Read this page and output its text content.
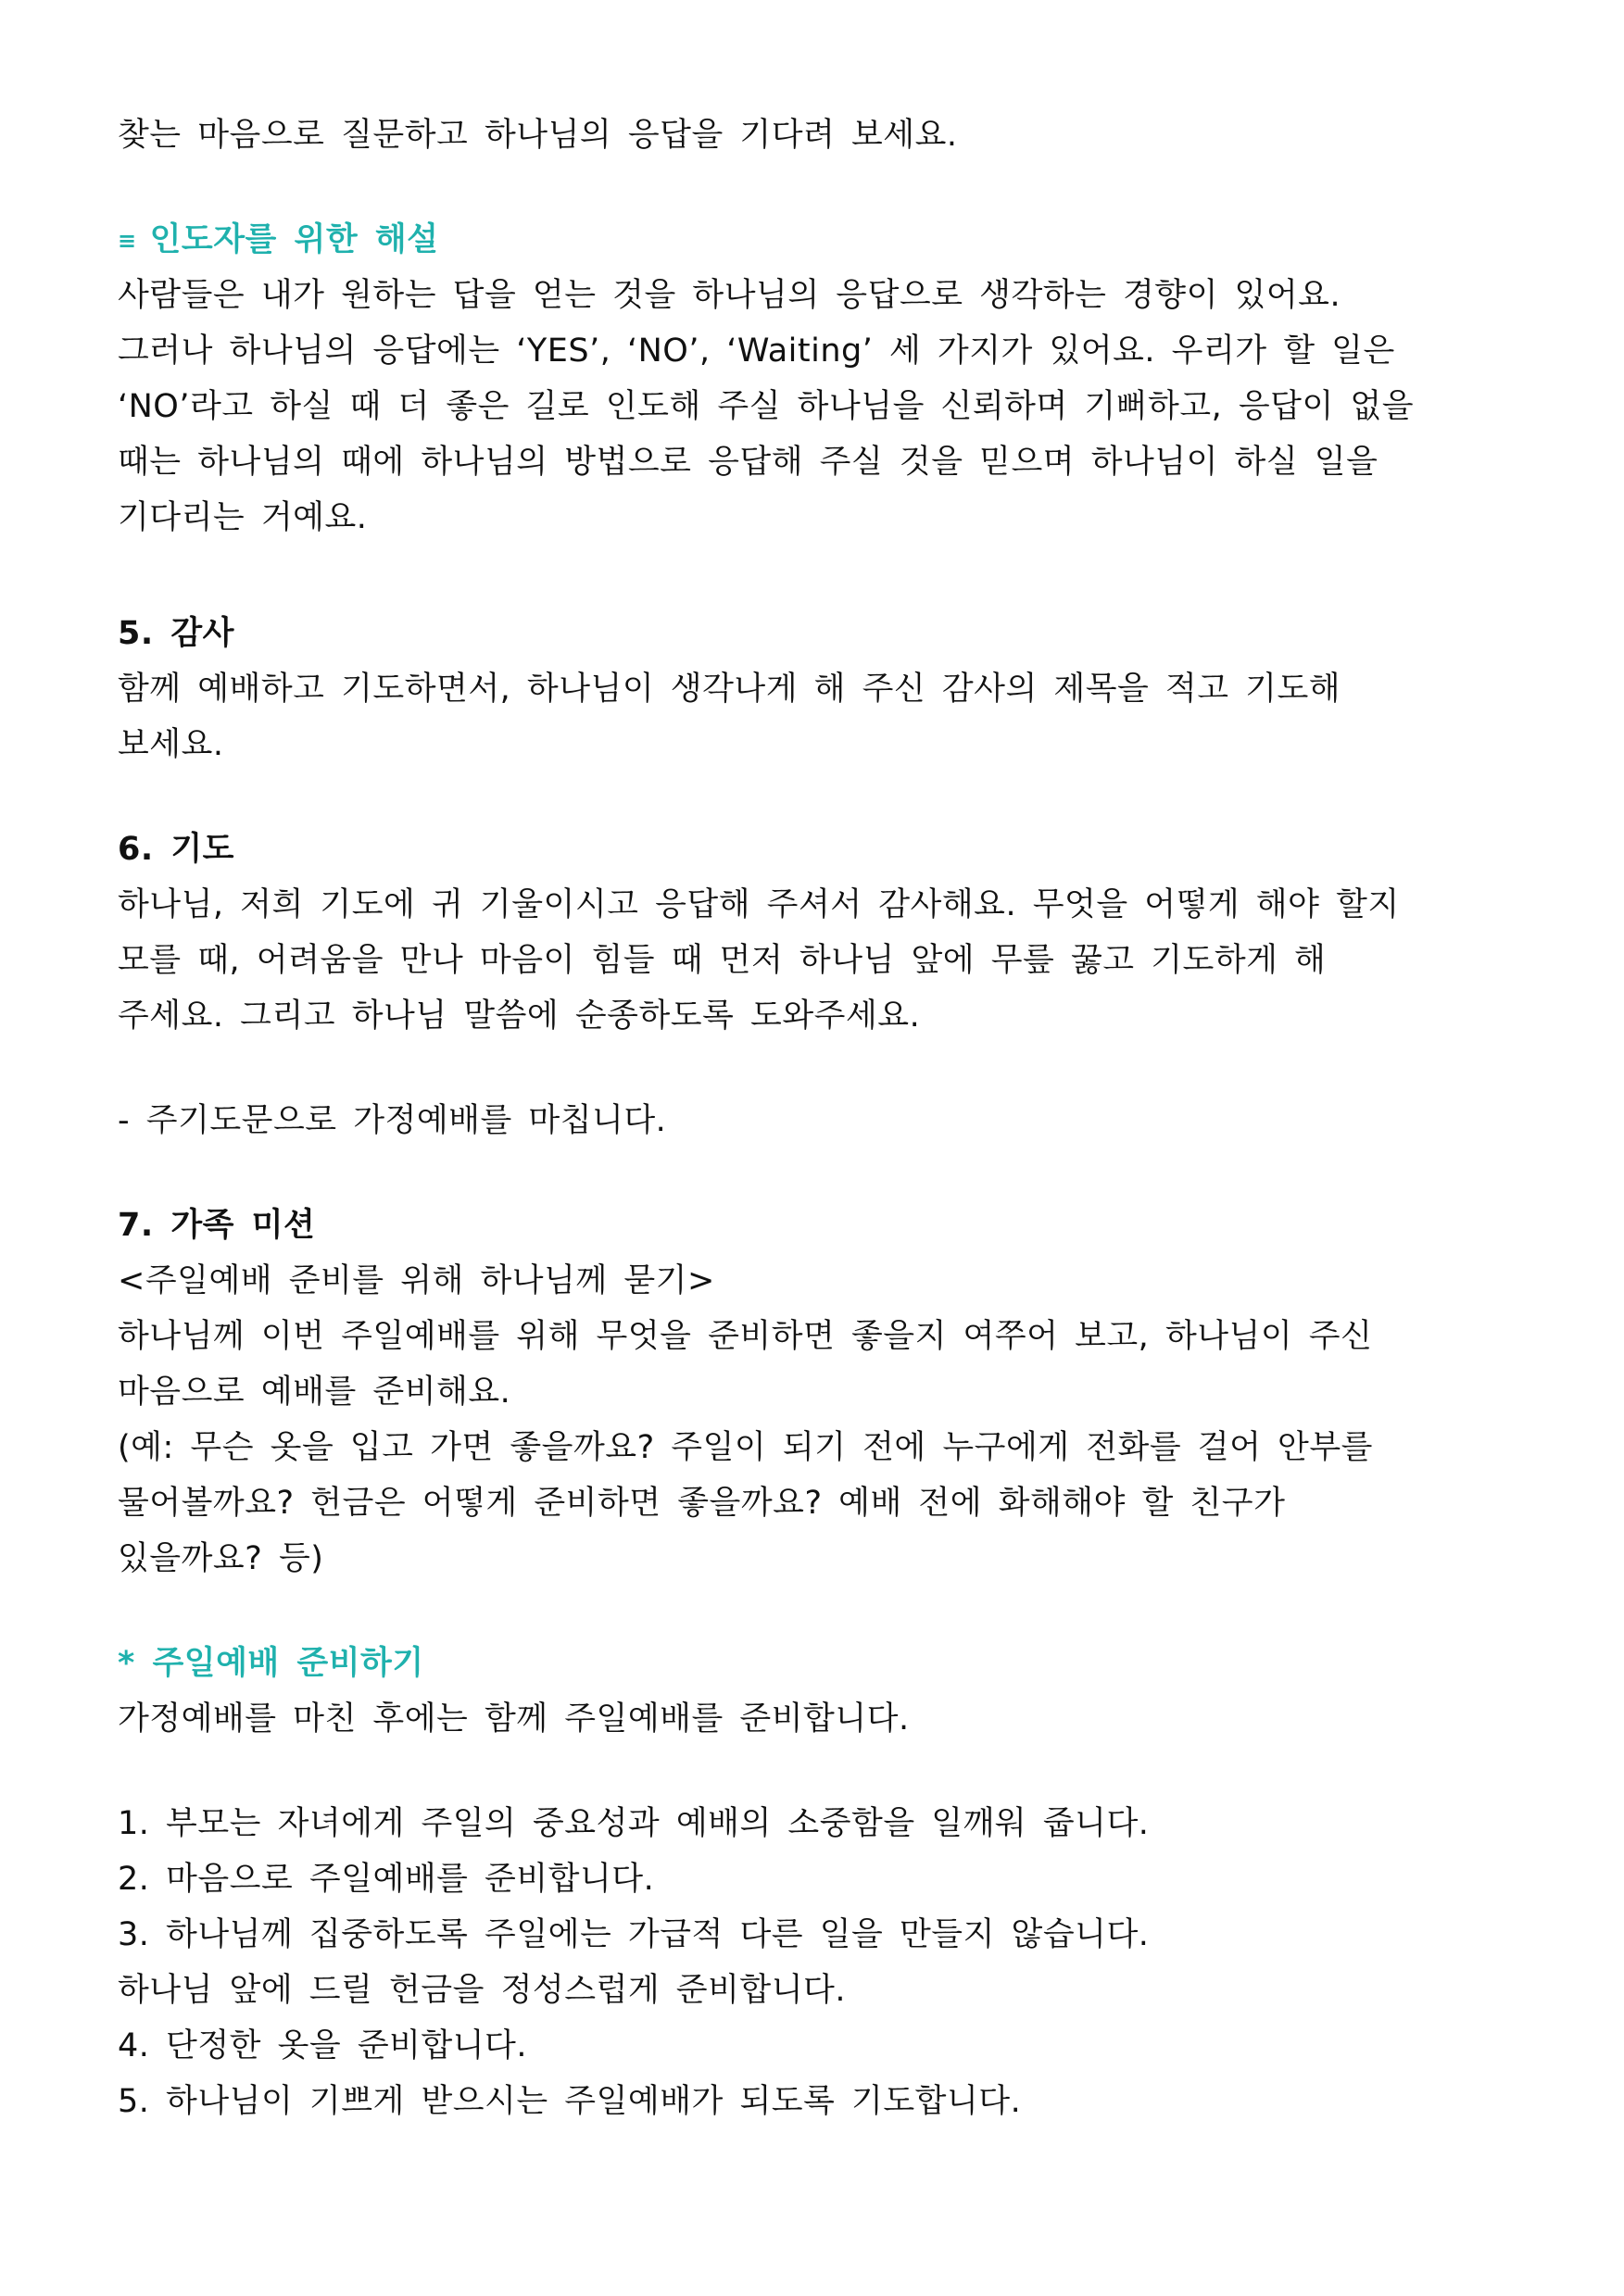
찾는 마음으로 질문하고 하나님의 응답을 기다려 보세요.
≡ 인도자를 위한 해설
사람들은 내가 원하는 답을 얻는 것을 하나님의 응답으로 생각하는 경향이 있어요.
그러나 하나님의 응답에는 ‘YES’, ‘NO’, ‘Waiting’ 세 가지가 있어요. 우리가 할 일은
‘NO’라고 하실 때 더 좋은 길로 인도해 주실 하나님을 신뢰하며 기뻐하고, 응답이 없을
때는 하나님의 때에 하나님의 방법으로 응답해 주실 것을 믿으며 하나님이 하실 일을
기다리는 거예요.
5. 감사
함께 예배하고 기도하면서, 하나님이 생각나게 해 주신 감사의 제목을 적고 기도해
보세요.
6. 기도
하나님, 저희 기도에 귀 기울이시고 응답해 주셔서 감사해요. 무엇을 어떻게 해야 할지
모를 때, 어려움을 만나 마음이 힘들 때 먼저 하나님 앞에 무릎 꿇고 기도하게 해
주세요. 그리고 하나님 말씀에 순종하도록 도와주세요.
- 주기도문으로 가정예배를 마칩니다.
7. 가족 미션
<주일예배 준비를 위해 하나님께 묻기>
하나님께 이번 주일예배를 위해 무엇을 준비하면 좋을지 여쭈어 보고, 하나님이 주신
마음으로 예배를 준비해요.
(예: 무슨 옷을 입고 가면 좋을까요? 주일이 되기 전에 누구에게 전화를 걸어 안부를
물어볼까요? 헌금은 어떻게 준비하면 좋을까요? 예배 전에 화해해야 할 친구가
있을까요? 등)
* 주일예배 준비하기
가정예배를 마친 후에는 함께 주일예배를 준비합니다.
1. 부모는 자녀에게 주일의 중요성과 예배의 소중함을 일깨워 줍니다.
2. 마음으로 주일예배를 준비합니다.
3. 하나님께 집중하도록 주일에는 가급적 다른 일을 만들지 않습니다.
하나님 앞에 드릴 헌금을 정성스럽게 준비합니다.
4. 단정한 옷을 준비합니다.
5. 하나님이 기쁘게 받으시는 주일예배가 되도록 기도합니다.
